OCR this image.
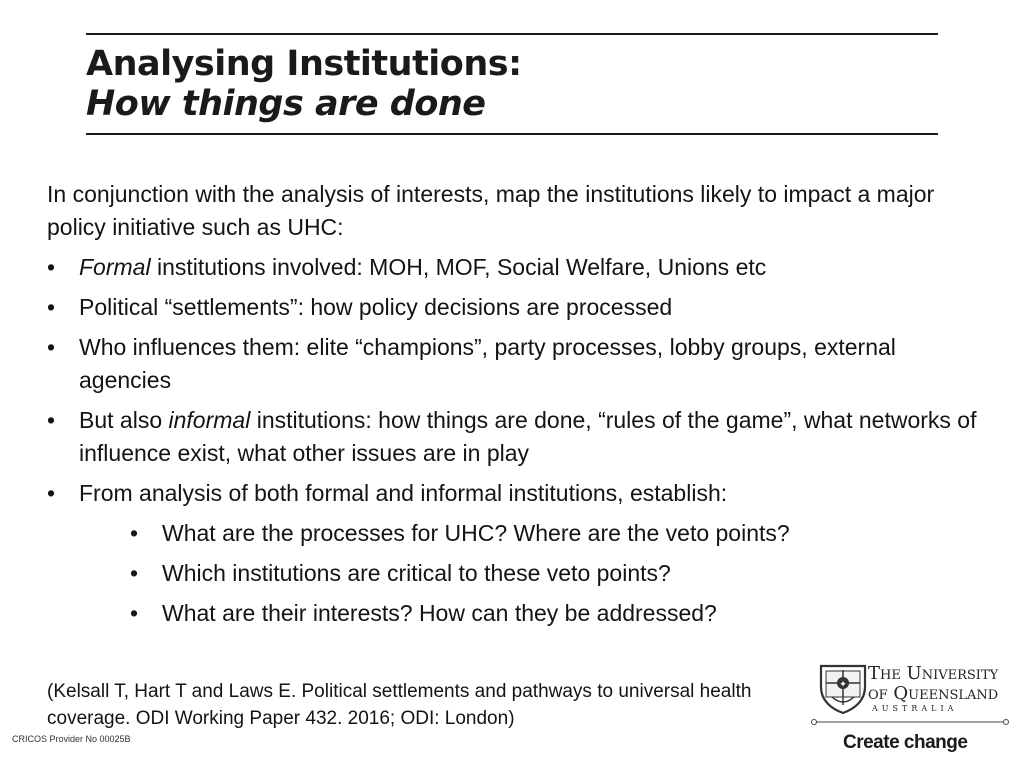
Analysing Institutions:
How things are done

In conjunction with the analysis of interests, map the institutions likely to impact a major policy initiative such as UHC:

• Formal institutions involved: MOH, MOF, Social Welfare, Unions etc
• Political “settlements”: how policy decisions are processed
• Who influences them: elite “champions”, party processes, lobby groups, external agencies
• But also informal institutions: how things are done, “rules of the game”, what networks of influence exist, what other issues are in play
• From analysis of both formal and informal institutions, establish:
• What are the processes for UHC? Where are the veto points?
• Which institutions are critical to these veto points?
• What are their interests? How can they be addressed?
(Kelsall T, Hart T and Laws E. Political settlements and pathways to universal health coverage. ODI Working Paper 432. 2016; ODI: London)
CRICOS Provider No 00025B
✦
The University
of Queensland
AUSTRALIA
Create change
